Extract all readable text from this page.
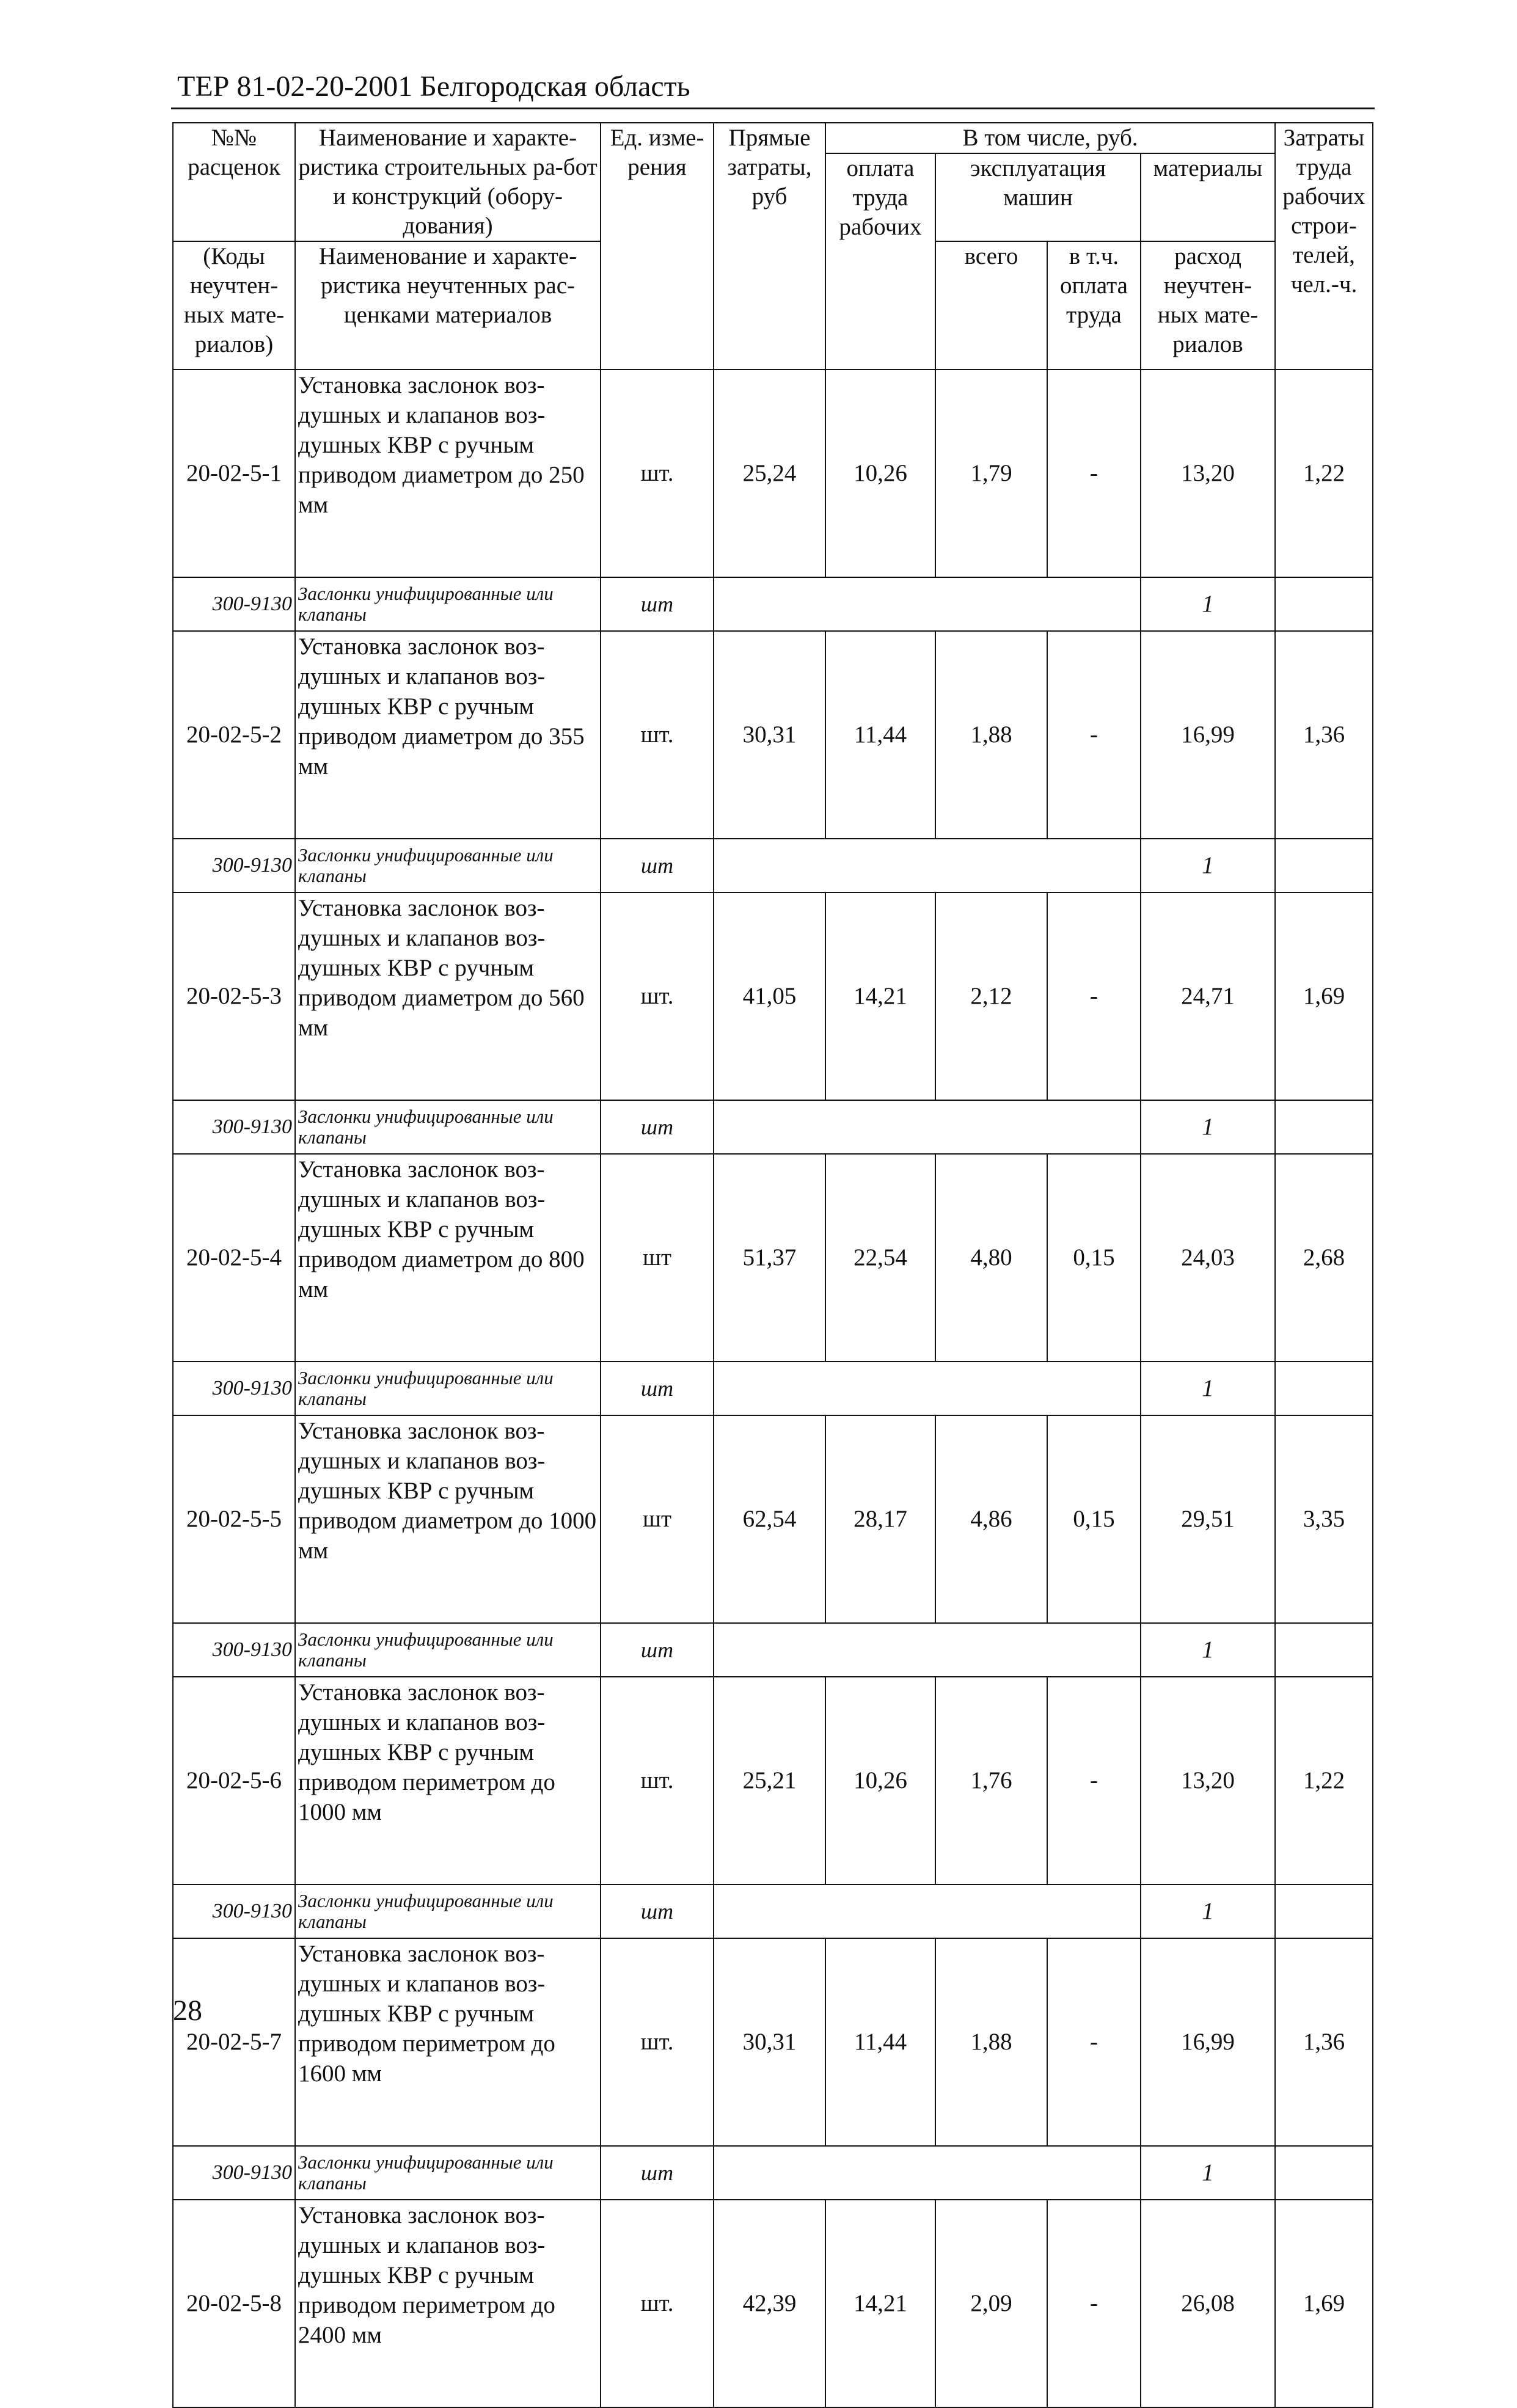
ТЕР 81-02-20-2001 Белгородская область
№№ расценок	Наименование и характе-ристика строительных ра-бот и конструкций (обору-дования)	Ед. изме-рения	Прямые затраты, руб	В том числе, руб.				Затраты труда рабочих строи-телей, чел.-ч.
				оплата труда рабочих	эксплуатация машин		материалы	
(Коды неучтен-ных мате-риалов)	Наименование и характе-ристика неучтенных рас-ценками материалов				всего	в т.ч. оплата труда	расход неучтен-ных мате-риалов	

20-02-5-1	Установка заслонок воз-душных и клапанов воз-душных КВР с ручным приводом диаметром до 250 мм	шт.	25,24	10,26	1,79	-	13,20	1,22
300-9130	Заслонки унифицированные или клапаны	шт					1	
20-02-5-2	Установка заслонок воз-душных и клапанов воз-душных КВР с ручным приводом диаметром до 355 мм	шт.	30,31	11,44	1,88	-	16,99	1,36
300-9130	Заслонки унифицированные или клапаны	шт					1	
20-02-5-3	Установка заслонок воз-душных и клапанов воз-душных КВР с ручным приводом диаметром до 560 мм	шт.	41,05	14,21	2,12	-	24,71	1,69
300-9130	Заслонки унифицированные или клапаны	шт					1	
20-02-5-4	Установка заслонок воз-душных и клапанов воз-душных КВР с ручным приводом диаметром до 800 мм	шт	51,37	22,54	4,80	0,15	24,03	2,68
300-9130	Заслонки унифицированные или клапаны	шт					1	
20-02-5-5	Установка заслонок воз-душных и клапанов воз-душных КВР с ручным приводом диаметром до 1000 мм	шт	62,54	28,17	4,86	0,15	29,51	3,35
300-9130	Заслонки унифицированные или клапаны	шт					1	
20-02-5-6	Установка заслонок воз-душных и клапанов воз-душных КВР с ручным приводом периметром до 1000 мм	шт.	25,21	10,26	1,76	-	13,20	1,22
300-9130	Заслонки унифицированные или клапаны	шт					1	
20-02-5-7	Установка заслонок воз-душных и клапанов воз-душных КВР с ручным приводом периметром до 1600 мм	шт.	30,31	11,44	1,88	-	16,99	1,36
300-9130	Заслонки унифицированные или клапаны	шт					1	
20-02-5-8	Установка заслонок воз-душных и клапанов воз-душных КВР с ручным приводом периметром до 2400 мм	шт.	42,39	14,21	2,09	-	26,08	1,69
28
